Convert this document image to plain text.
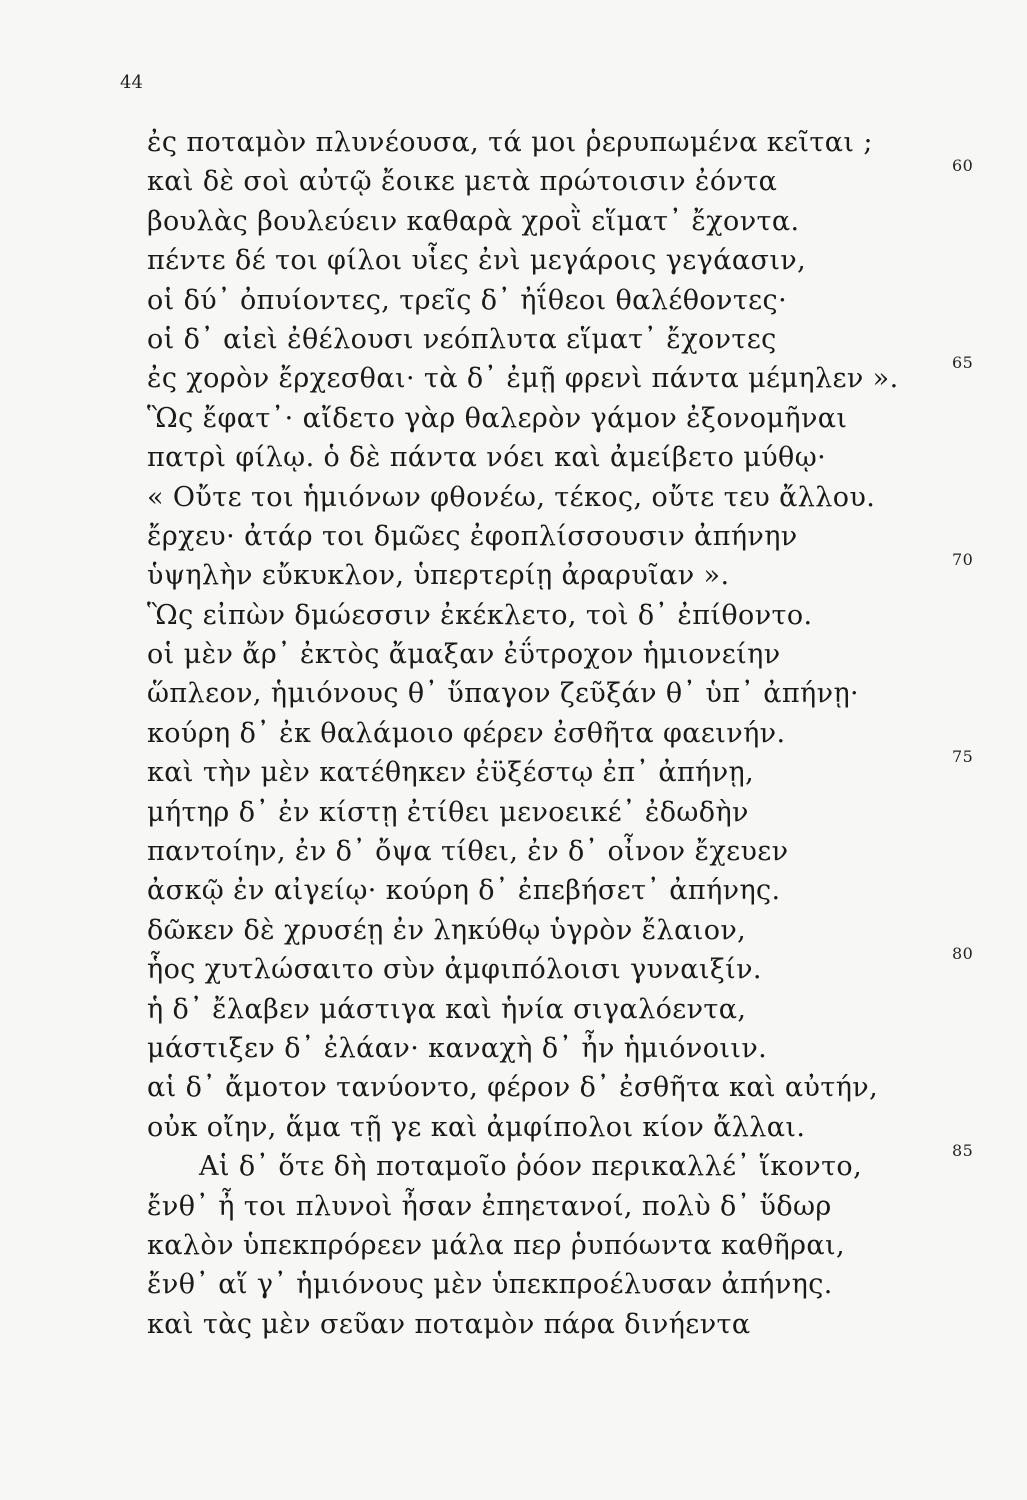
44
ἐς ποταμὸν πλυνέουσα, τά μοι ῥερυπωμένα κεῖται ;
καὶ δὲ σοὶ αὐτῷ ἔοικε μετὰ πρώτοισιν ἐόντα
60
βουλὰς βουλεύειν καθαρὰ χροῒ εἵματ᾽ ἔχοντα.
πέντε δέ τοι φίλοι υἷες ἐνὶ μεγάροις γεγάασιν,
οἱ δύ᾽ ὀπυίοντες, τρεῖς δ᾽ ἠΐθεοι θαλέθοντες·
οἱ δ᾽ αἰεὶ ἐθέλουσι νεόπλυτα εἵματ᾽ ἔχοντες
ἐς χορὸν ἔρχεσθαι· τὰ δ᾽ ἐμῇ φρενὶ πάντα μέμηλεν ».
65
Ὣς ἔφατ᾽· αἴδετο γὰρ θαλερὸν γάμον ἐξονομῆναι
πατρὶ φίλῳ. ὁ δὲ πάντα νόει καὶ ἀμείβετο μύθῳ·
« Οὔτε τοι ἡμιόνων φθονέω, τέκος, οὔτε τευ ἄλλου.
ἔρχευ· ἀτάρ τοι δμῶες ἐφοπλίσσουσιν ἀπήνην
ὑψηλὴν εὔκυκλον, ὑπερτερίῃ ἀραρυῖαν ».
70
Ὣς εἰπὼν δμώεσσιν ἐκέκλετο, τοὶ δ᾽ ἐπίθοντο.
οἱ μὲν ἄρ᾽ ἐκτὸς ἄμαξαν ἐΰτροχον ἡμιονείην
ὥπλεον, ἡμιόνους θ᾽ ὕπαγον ζεῦξάν θ᾽ ὑπ᾽ ἀπήνῃ·
κούρη δ᾽ ἐκ θαλάμοιο φέρεν ἐσθῆτα φαεινήν.
καὶ τὴν μὲν κατέθηκεν ἐϋξέστῳ ἐπ᾽ ἀπήνῃ,
75
μήτηρ δ᾽ ἐν κίστῃ ἐτίθει μενοεικέ᾽ ἐδωδὴν
παντοίην, ἐν δ᾽ ὄψα τίθει, ἐν δ᾽ οἶνον ἔχευεν
ἀσκῷ ἐν αἰγείῳ· κούρη δ᾽ ἐπεβήσετ᾽ ἀπήνης.
δῶκεν δὲ χρυσέῃ ἐν ληκύθῳ ὑγρὸν ἔλαιον,
ἧος χυτλώσαιτο σὺν ἀμφιπόλοισι γυναιξίν.
80
ἡ δ᾽ ἔλαβεν μάστιγα καὶ ἡνία σιγαλόεντα,
μάστιξεν δ᾽ ἐλάαν· καναχὴ δ᾽ ἦν ἡμιόνοιιν.
αἱ δ᾽ ἄμοτον τανύοντο, φέρον δ᾽ ἐσθῆτα καὶ αὐτήν,
οὐκ οἴην, ἅμα τῇ γε καὶ ἀμφίπολοι κίον ἄλλαι.
Αἱ δ᾽ ὅτε δὴ ποταμοῖο ῥόον περικαλλέ᾽ ἵκοντο,
85
ἔνθ᾽ ἦ τοι πλυνοὶ ἦσαν ἐπηετανοί, πολὺ δ᾽ ὕδωρ
καλὸν ὑπεκπρόρεεν μάλα περ ῥυπόωντα καθῆραι,
ἔνθ᾽ αἵ γ᾽ ἡμιόνους μὲν ὑπεκπροέλυσαν ἀπήνης.
καὶ τὰς μὲν σεῦαν ποταμὸν πάρα δινήεντα
